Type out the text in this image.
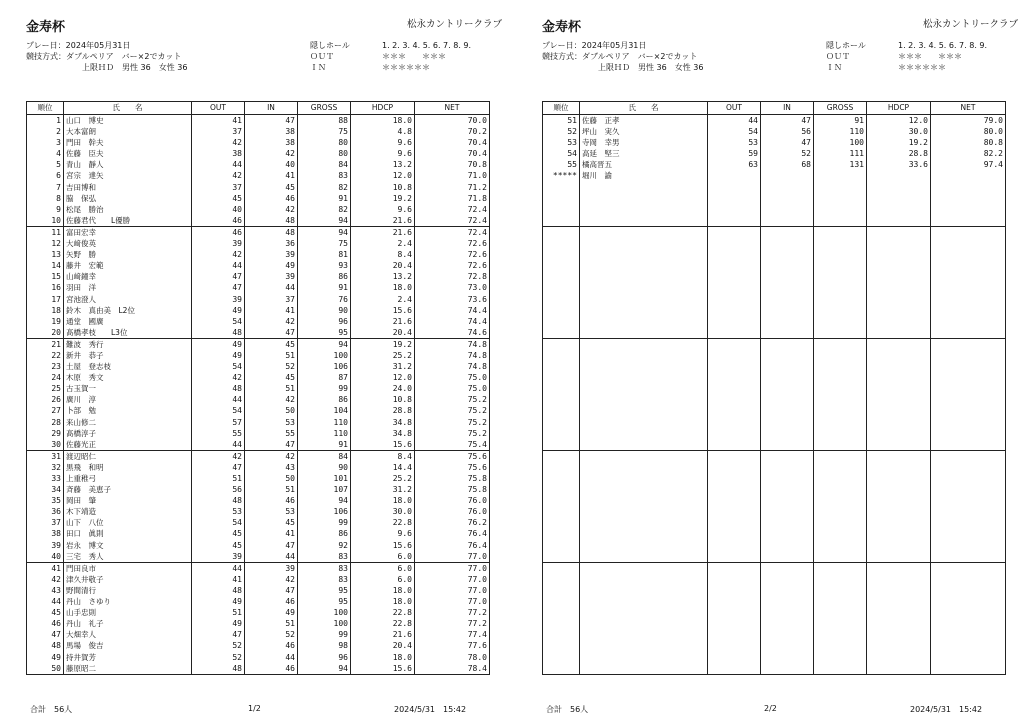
金寿杯	松永カントリークラブ
プレー日：2024年05月31日
競技方式：ダブルペリア　バー×2でカット
上限ＨＤ　男性 36　女性 36
隠しホール	1. 2. 3. 4. 5. 6. 7. 8. 9.
ＯＵＴ	＊＊＊　　＊＊＊
ＩＮ	＊＊＊＊＊＊
順位	氏　　名	OUT	IN	GROSS	HDCP	NET
1 山口　博史	41	47	88	18.0	70.0
2 大本富朗	37	38	75	4.8	70.2
3 門田　幹夫	42	38	80	9.6	70.4
4 佐藤　臣夫	38	42	80	9.6	70.4
5 青山　靜人	44	40	84	13.2	70.8
6 宮宗　達矢	42	41	83	12.0	71.0
7 吉田博和	37	45	82	10.8	71.2
8 脇　保弘	45	46	91	19.2	71.8
9 松尾　勝治	40	42	82	9.6	72.4
10 佐藤君代　　L優勝	46	48	94	21.6	72.4
11 富田宏幸	46	48	94	21.6	72.4
12 大﨑俊英	39	36	75	2.4	72.6
13 矢野　勝	42	39	81	8.4	72.6
14 藤井　宏範	44	49	93	20.4	72.6
15 山﨑鐘幸	47	39	86	13.2	72.8
16 羽田　洋	47	44	91	18.0	73.0
17 宮池澄人	39	37	76	2.4	73.6
18 鈴木　真由美　L2位	49	41	90	15.6	74.4
19 通堂　國廣	54	42	96	21.6	74.4
20 髙橋孝枝　　L3位	48	47	95	20.4	74.6
21 難波　秀行	49	45	94	19.2	74.8
22 新井　恭子	49	51	100	25.2	74.8
23 土屋　登志枝	54	52	106	31.2	74.8
24 木原　秀文	42	45	87	12.0	75.0
25 古玉賀一	48	51	99	24.0	75.0
26 廣川　淳	44	42	86	10.8	75.2
27 卜部　勉	54	50	104	28.8	75.2
28 来山修二	57	53	110	34.8	75.2
29 髙橋淳子	55	55	110	34.8	75.2
30 佐藤光正	44	47	91	15.6	75.4
31 渡辺昭仁	42	42	84	8.4	75.6
32 黒飛　和明	47	43	90	14.4	75.6
33 上重稚弓	51	50	101	25.2	75.8
34 斉藤　美恵子	56	51	107	31.2	75.8
35 岡田　肇	48	46	94	18.0	76.0
36 木下靖造	53	53	106	30.0	76.0
37 山下　八位	54	45	99	22.8	76.2
38 田口　眞則	45	41	86	9.6	76.4
39 岩永　博文	45	47	92	15.6	76.4
40 三宅　秀人	39	44	83	6.0	77.0
41 門田良市	44	39	83	6.0	77.0
42 津久井敬子	41	42	83	6.0	77.0
43 野間清行	48	47	95	18.0	77.0
44 丹山　さゆり	49	46	95	18.0	77.0
45 山手忠則	51	49	100	22.8	77.2
46 丹山　礼子	49	51	100	22.8	77.2
47 大畑幸人	47	52	99	21.6	77.4
48 馬場　俊吉	52	46	98	20.4	77.6
49 持井賀芳	52	44	96	18.0	78.0
50 藤原昭二	48	46	94	15.6	78.4
合計　56人	1/2	2024/5/31　15:42
金寿杯	松永カントリークラブ
プレー日：2024年05月31日
競技方式：ダブルペリア　バー×2でカット
上限ＨＤ　男性 36　女性 36
隠しホール	1. 2. 3. 4. 5. 6. 7. 8. 9.
ＯＵＴ	＊＊＊　　＊＊＊
ＩＮ	＊＊＊＊＊＊
順位	氏　　名	OUT	IN	GROSS	HDCP	NET
51 佐藤　正孝	44	47	91	12.0	79.0
52 坪山　実久	54	56	110	30.0	80.0
53 寺岡　幸男	53	47	100	19.2	80.8
54 高延　堅三	59	52	111	28.8	82.2
55 橘高晋五	63	68	131	33.6	97.4
***** 堀川　諭
合計　56人	2/2	2024/5/31　15:42
